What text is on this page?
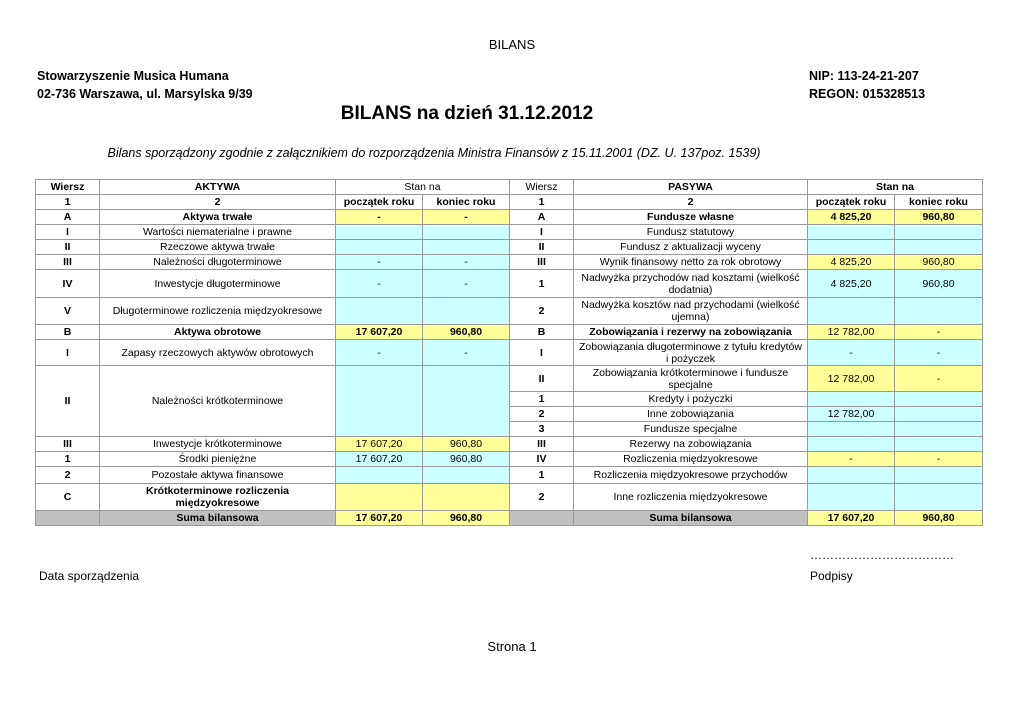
BILANS
Stowarzyszenie Musica Humana
02-736 Warszawa, ul. Marsylska 9/39
NIP: 113-24-21-207
REGON: 015328513
BILANS na dzień 31.12.2012
Bilans sporządzony zgodnie z załącznikiem do rozporządzenia Ministra Finansów z 15.11.2001 (DZ. U. 137poz. 1539)
Wiersz	AKTYWA	Stan na		Wiersz	PASYWA	Stan na	
1	2	początek roku	koniec roku	1	2	początek roku	koniec roku
A	Aktywa trwałe	-	-	A	Fundusze własne	4 825,20	960,80
I	Wartości niematerialne i prawne			I	Fundusz statutowy		
II	Rzeczowe aktywa trwałe			II	Fundusz z aktualizacji wyceny		
III	Należności długoterminowe	-	-	III	Wynik finansowy netto za rok obrotowy	4 825,20	960,80
IV	Inwestycje długoterminowe	-	-	1	Nadwyżka przychodów nad kosztami (wielkość dodatnia)	4 825,20	960,80
V	Długoterminowe rozliczenia międzyokresowe			2	Nadwyżka kosztów nad przychodami (wielkość ujemna)		
B	Aktywa obrotowe	17 607,20	960,80	B	Zobowiązania i rezerwy na zobowiązania	12 782,00	-
I	Zapasy rzeczowych aktywów obrotowych	-	-	I	Zobowiązania długoterminowe z tytułu kredytów i pożyczek	-	-
II	Należności krótkoterminowe			II	Zobowiązania krótkoterminowe i fundusze specjalne	12 782,00	-
				1	Kredyty i pożyczki		
				2	Inne zobowiązania	12 782,00	
				3	Fundusze specjalne		
III	Inwestycje krótkoterminowe	17 607,20	960,80	III	Rezerwy na zobowiązania		
1	Środki pieniężne	17 607,20	960,80	IV	Rozliczenia międzyokresowe	-	-
2	Pozostałe aktywa finansowe			1	Rozliczenia międzyokresowe przychodów		
C	Krótkoterminowe rozliczenia międzyokresowe			2	Inne rozliczenia międzyokresowe		
	Suma bilansowa	17 607,20	960,80		Suma bilansowa	17 607,20	960,80
………………………………
Data sporządzenia	Podpisy
Strona 1
